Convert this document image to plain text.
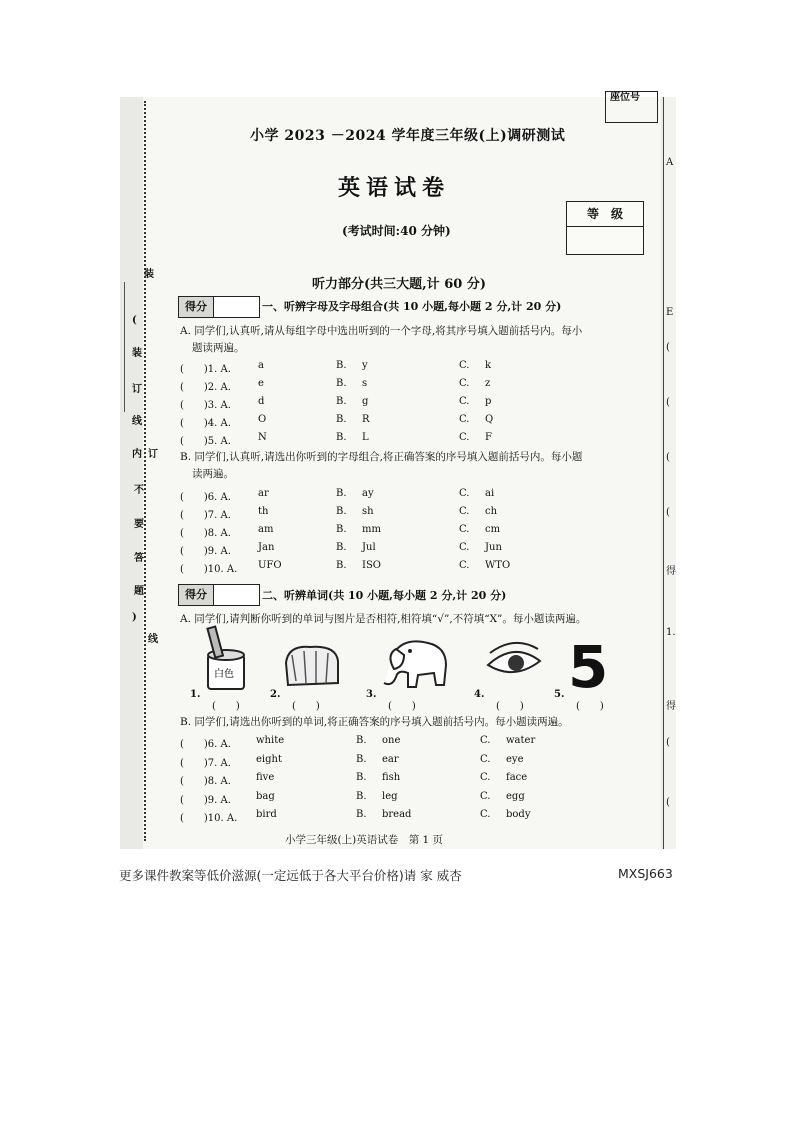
装
(
装
订
线
内 订
不
要
答
题
)
线
座位号
小学 2023 －2024 学年度三年级(上)调研测试
英语试卷
(考试时间:40 分钟)
等　级
听力部分(共三大题,计 60 分)
得分	一、听辨字母及字母组合(共 10 小题,每小题 2 分,计 20 分)
A. 同学们,认真听,请从每组字母中选出听到的一个字母,将其序号填入题前括号内。每小
题读两遍。
(　　)1. A.	a	B. y	C. k
(　　)2. A.	e	B. s	C. z
(　　)3. A.	d	B. g	C. p
(　　)4. A.	O	B. R	C. Q
(　　)5. A.	N	B. L	C. F
B. 同学们,认真听,请选出你听到的字母组合,将正确答案的序号填入题前括号内。每小题
读两遍。
(　　)6. A.	ar	B. ay	C. ai
(　　)7. A.	th	B. sh	C. ch
(　　)8. A.	am	B. mm	C. cm
(　　)9. A.	Jan	B. Jul	C. Jun
(　　)10. A. UFO	B. ISO	C. WTO
得分	二、听辨单词(共 10 小题,每小题 2 分,计 20 分)
A. 同学们,请判断你听到的单词与图片是否相符,相符填“√”,不符填“X”。每小题读两遍。
白色	5
1.
(　　)
2.
(　　)
3.
(　　)
4.
(　　)
5.
(　　)
B. 同学们,请选出你听到的单词,将正确答案的序号填入题前括号内。每小题读两遍。
(　　)6. A.	white	B. one	C. water
(　　)7. A.	eight	B. ear	C. eye
(　　)8. A.	five	B. fish	C. face
(　　)9. A.	bag	B. leg	C. egg
(　　)10. A. bird	B. bread	C. body
小学三年级(上)英语试卷　第 1 页
A
E
(
(
(
(
得
1.
得
(
(
更多课件教案等低价滋源(一定远低于各大平台价格)请 家 威杏	MXSJ663
